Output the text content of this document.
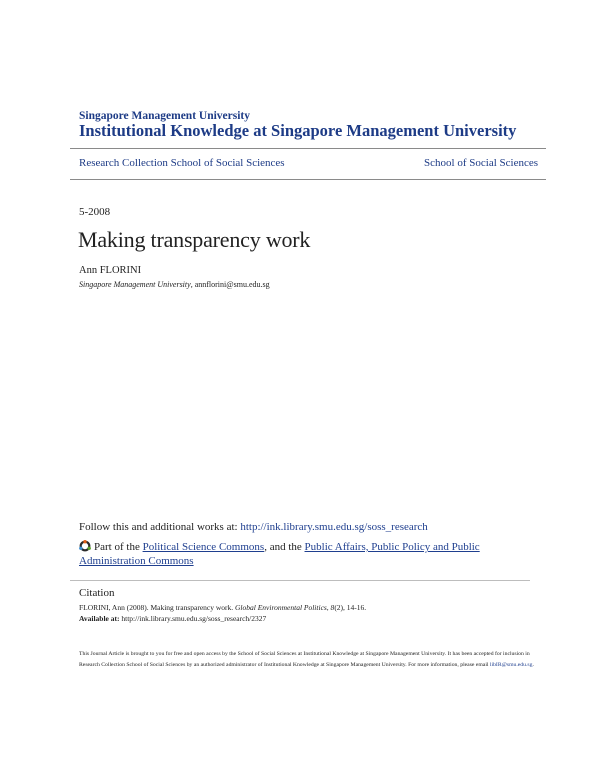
Singapore Management University
Institutional Knowledge at Singapore Management University
Research Collection School of Social Sciences	School of Social Sciences
5-2008
Making transparency work
Ann FLORINI
Singapore Management University, annflorini@smu.edu.sg
Follow this and additional works at: http://ink.library.smu.edu.sg/soss_research
Part of the Political Science Commons, and the Public Affairs, Public Policy and Public Administration Commons
Citation
FLORINI, Ann (2008). Making transparency work. Global Environmental Politics, 8(2), 14-16.
Available at: http://ink.library.smu.edu.sg/soss_research/2327
This Journal Article is brought to you for free and open access by the School of Social Sciences at Institutional Knowledge at Singapore Management University. It has been accepted for inclusion in Research Collection School of Social Sciences by an authorized administrator of Institutional Knowledge at Singapore Management University. For more information, please email libIR@smu.edu.sg.
